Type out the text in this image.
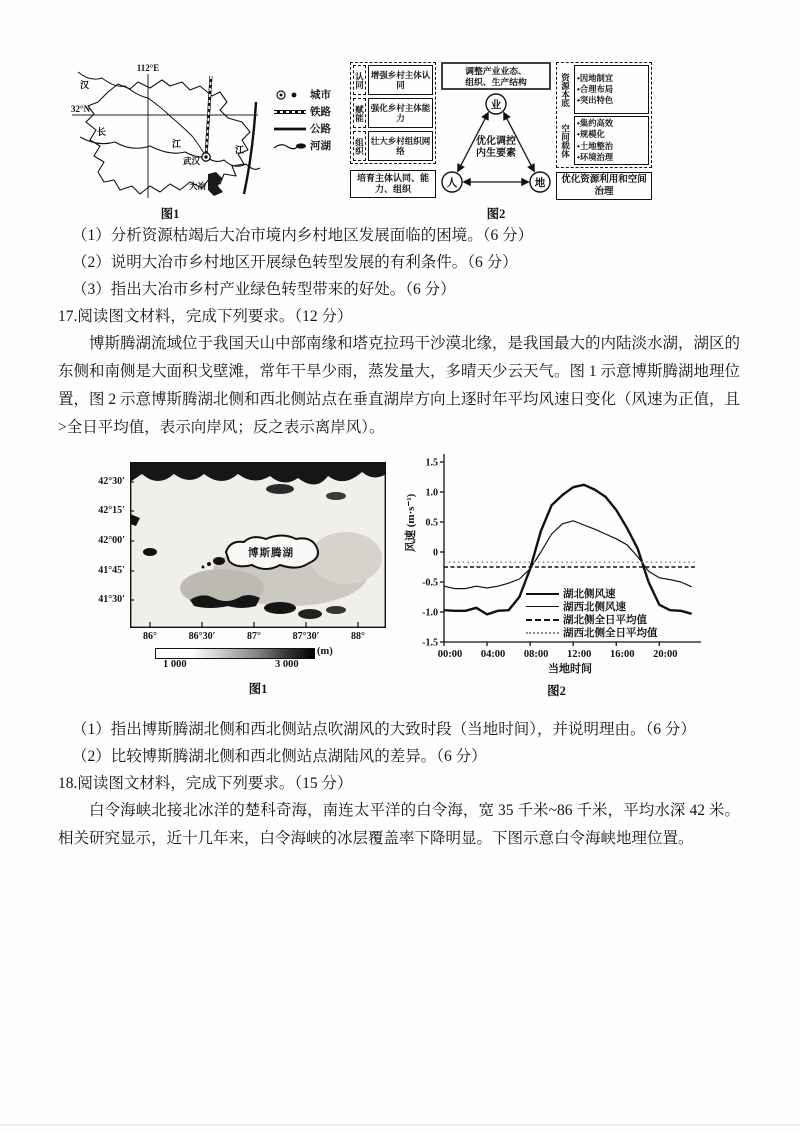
112°E
32°N
汉
长
江
江
武汉
大冶
城市
铁路
公路
河湖
图1
认同 增强乡村主体认同
赋能 强化乡村主体能力
组织 壮大乡村组织网络
培育主体认同、能力、组织
调整产业业态、
组织、生产结构
业
人	地
优化调控
内生要素
资源本底 •因地制宜
•合理布局
•突出特色
空间载体
•集约高效
•规模化
•土地整治
•环境治理
优化资源利用和空间治理
图2
（1）分析资源枯竭后大冶市境内乡村地区发展面临的困境。（6 分）
（2）说明大冶市乡村地区开展绿色转型发展的有利条件。（6 分）
（3）指出大冶市乡村产业绿色转型带来的好处。（6 分）
17.阅读图文材料，完成下列要求。（12 分）
博斯腾湖流域位于我国天山中部南缘和塔克拉玛干沙漠北缘，是我国最大的内陆淡水湖，湖区的东侧和南侧是大面积戈壁滩，常年干旱少雨，蒸发量大，多晴天少云天气。图 1 示意博斯腾湖地理位置，图 2 示意博斯腾湖北侧和西北侧站点在垂直湖岸方向上逐时年平均风速日变化（风速为正值，且>全日平均值，表示向岸风；反之表示离岸风）。
42°30′
42°15′
42°00′
41°45′
41°30′
博斯腾湖
86°	86°30′	87°	87°30′	88°
1 000	3 000
(m)
图1
风速 (m·s⁻¹)
当地时间
1.5
1.0
0.5
0
-0.5
-1.0
-1.5
00:00 04:00 08:00 12:00 16:00 20:00
湖北侧风速
湖西北侧风速
湖北侧全日平均值
湖西北侧全日平均值
图2
（1）指出博斯腾湖北侧和西北侧站点吹湖风的大致时段（当地时间），并说明理由。（6 分）
（2）比较博斯腾湖北侧和西北侧站点湖陆风的差异。（6 分）
18.阅读图文材料，完成下列要求。（15 分）
白令海峡北接北冰洋的楚科奇海，南连太平洋的白令海，宽 35 千米~86 千米，平均水深 42 米。相关研究显示，近十几年来，白令海峡的冰层覆盖率下降明显。下图示意白令海峡地理位置。
